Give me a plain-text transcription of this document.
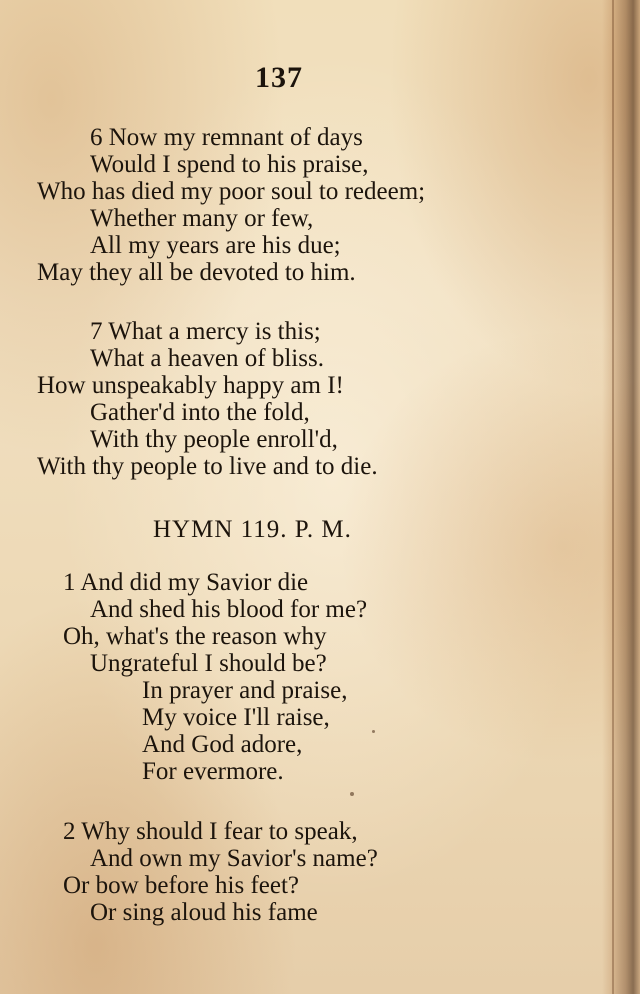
137
6 Now my remnant of days
Would I spend to his praise,
Who has died my poor soul to redeem;
Whether many or few,
All my years are his due;
May they all be devoted to him.
7 What a mercy is this;
What a heaven of bliss.
How unspeakably happy am I!
Gather'd into the fold,
With thy people enroll'd,
With thy people to live and to die.
HYMN 119. P. M.
1 And did my Savior die
And shed his blood for me?
Oh, what's the reason why
Ungrateful I should be?
In prayer and praise,
My voice I'll raise,
And God adore,
For evermore.
2 Why should I fear to speak,
And own my Savior's name?
Or bow before his feet?
Or sing aloud his fame
